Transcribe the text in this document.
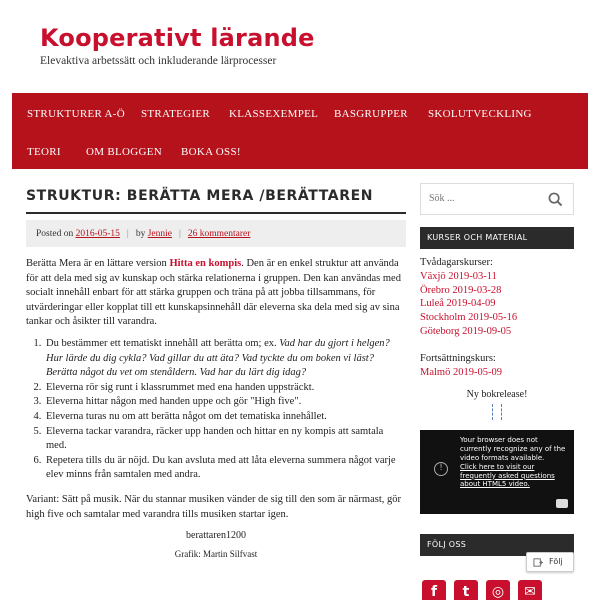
Kooperativt lärande
Elevaktiva arbetssätt och inkluderande lärprocesser
STRUKTURER A-Ö STRATEGIER KLASSEXEMPEL BASGRUPPER SKOLUTVECKLING
TEORI OM BLOGGEN BOKA OSS!
STRUKTUR: BERÄTTA MERA /BERÄTTAREN
Posted on
2016-05-15 | by
Jennie | 26 kommentarer

Berätta Mera är en lättare version Hitta en kompis. Den är en enkel struktur att använda för att dela med sig av kunskap och stärka relationerna i gruppen. Den kan användas med socialt innehåll enbart för att stärka gruppen och träna på att jobba tillsammans, för utvärderingar eller kopplat till ett kunskapsinnehåll där eleverna ska dela med sig av sina tankar och åsikter till varandra.

1. Du bestämmer ett tematiskt innehåll att berätta om; ex. Vad har du gjort i helgen? Hur lärde du dig cykla? Vad gillar du att äta? Vad tyckte du om boken vi läst? Berätta något du vet om stenåldern. Vad har du lärt dig idag?
2. Eleverna rör sig runt i klassrummet med ena handen uppsträckt.
3. Eleverna hittar någon med handen uppe och gör "High five".
4. Eleverna turas nu om att berätta något om det tematiska innehållet.
5. Eleverna tackar varandra, räcker upp handen och hittar en ny kompis att samtala med.
6. Repetera tills du är nöjd. Du kan avsluta med att låta eleverna summera något varje elev minns från samtalen med andra.

Variant: Sätt på musik. När du stannar musiken vänder de sig till den som är närmast, gör high five och samtalar med varandra tills musiken startar igen.

berattaren1200
Grafik: Martin Silfvast
Sök ...
KURSER OCH MATERIAL
Tvådagarskurser:
Växjö 2019-03-11
Örebro 2019-03-28
Luleå 2019-04-09
Stockholm 2019-05-16
Göteborg 2019-09-05
Fortsättningskurs:
Malmö 2019-05-09
Ny bokrelease!
!
Your browser does not currently recognize any of the video formats available.
Click here to visit our frequently asked questions about HTML5 video.
FÖLJ OSS
Följ
f	t	◎	✉
